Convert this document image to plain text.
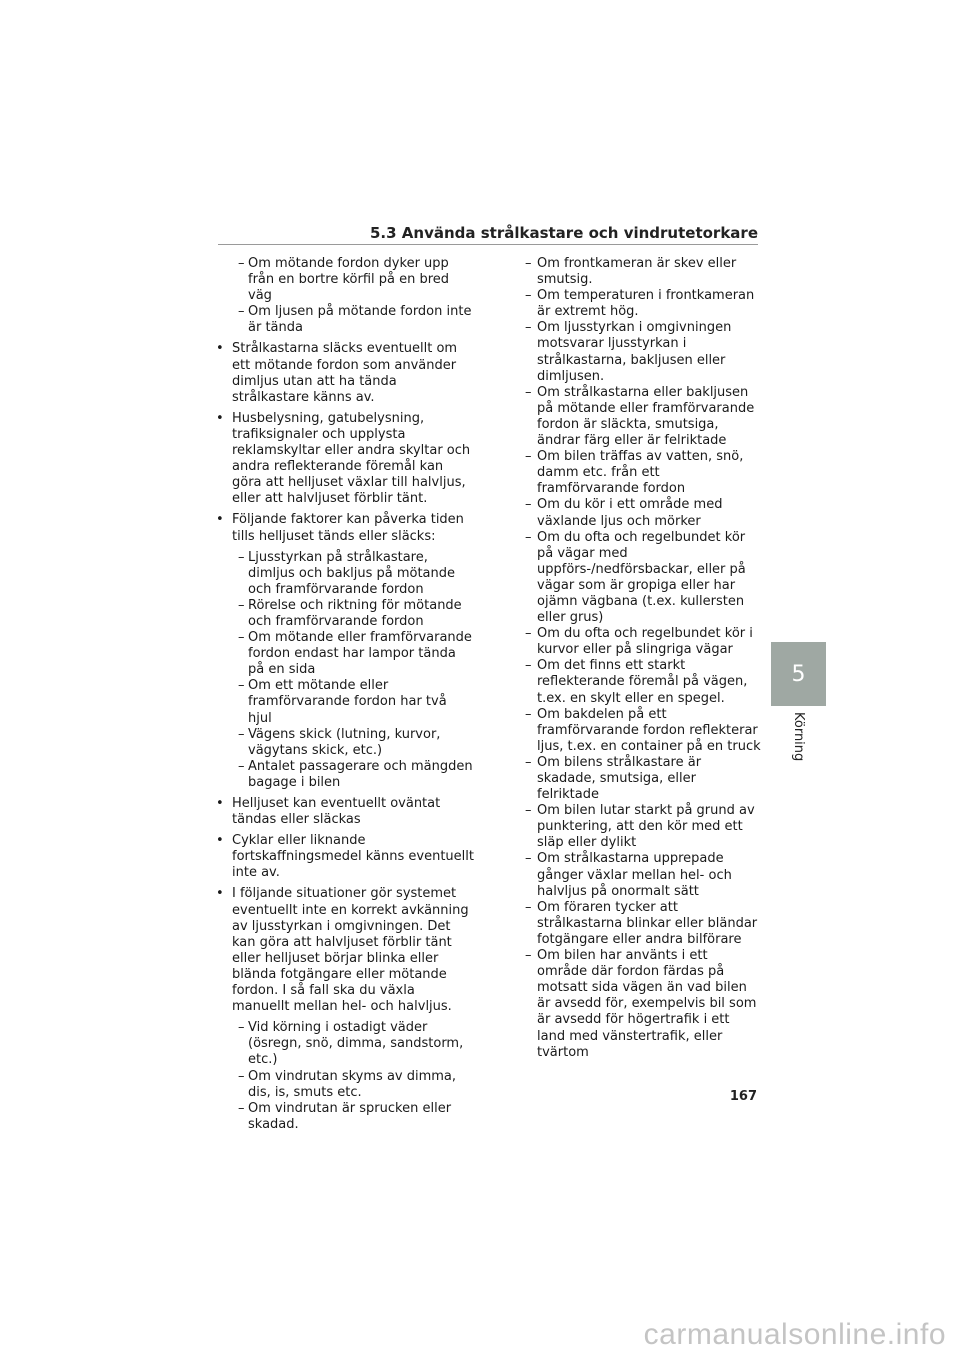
5.3 Använda strålkastare och vindrutetorkare
– Om mötande fordon dyker upp från en bortre körfil på en bred väg
– Om ljusen på mötande fordon inte är tända
• Strålkastarna släcks eventuellt om ett mötande fordon som använder dimljus utan att ha tända strålkastare känns av.
• Husbelysning, gatubelysning, trafiksignaler och upplysta reklamskyltar eller andra skyltar och andra reflekterande föremål kan göra att helljuset växlar till halvljus, eller att halvljuset förblir tänt.
• Följande faktorer kan påverka tiden tills helljuset tänds eller släcks:
– Ljusstyrkan på strålkastare, dimljus och bakljus på mötande och framförvarande fordon
– Rörelse och riktning för mötande och framförvarande fordon
– Om mötande eller framförvarande fordon endast har lampor tända på en sida
– Om ett mötande eller framförvarande fordon har två hjul
– Vägens skick (lutning, kurvor, vägytans skick, etc.)
– Antalet passagerare och mängden bagage i bilen
• Helljuset kan eventuellt oväntat tändas eller släckas
• Cyklar eller liknande fortskaffningsmedel känns eventuellt inte av.
• I följande situationer gör systemet eventuellt inte en korrekt avkänning av ljusstyrkan i omgivningen. Det kan göra att halvljuset förblir tänt eller helljuset börjar blinka eller blända fotgängare eller mötande fordon. I så fall ska du växla manuellt mellan hel- och halvljus.
– Vid körning i ostadigt väder (ösregn, snö, dimma, sandstorm, etc.)
– Om vindrutan skyms av dimma, dis, is, smuts etc.
– Om vindrutan är sprucken eller skadad.
– Om frontkameran är skev eller smutsig.
– Om temperaturen i frontkameran är extremt hög.
– Om ljusstyrkan i omgivningen motsvarar ljusstyrkan i strålkastarna, bakljusen eller dimljusen.
– Om strålkastarna eller bakljusen på mötande eller framförvarande fordon är släckta, smutsiga, ändrar färg eller är felriktade
– Om bilen träffas av vatten, snö, damm etc. från ett framförvarande fordon
– Om du kör i ett område med växlande ljus och mörker
– Om du ofta och regelbundet kör på vägar med uppförs-/nedförsbackar, eller på vägar som är gropiga eller har ojämn vägbana (t.ex. kullersten eller grus)
– Om du ofta och regelbundet kör i kurvor eller på slingriga vägar
– Om det finns ett starkt reflekterande föremål på vägen, t.ex. en skylt eller en spegel.
– Om bakdelen på ett framförvarande fordon reflekterar ljus, t.ex. en container på en truck
– Om bilens strålkastare är skadade, smutsiga, eller felriktade
– Om bilen lutar starkt på grund av punktering, att den kör med ett släp eller dylikt
– Om strålkastarna upprepade gånger växlar mellan hel- och halvljus på onormalt sätt
– Om föraren tycker att strålkastarna blinkar eller bländar fotgängare eller andra bilförare
– Om bilen har använts i ett område där fordon färdas på motsatt sida vägen än vad bilen är avsedd för, exempelvis bil som är avsedd för högertrafik i ett land med vänstertrafik, eller tvärtom
5
Körning
167
carmanualsonline.info
